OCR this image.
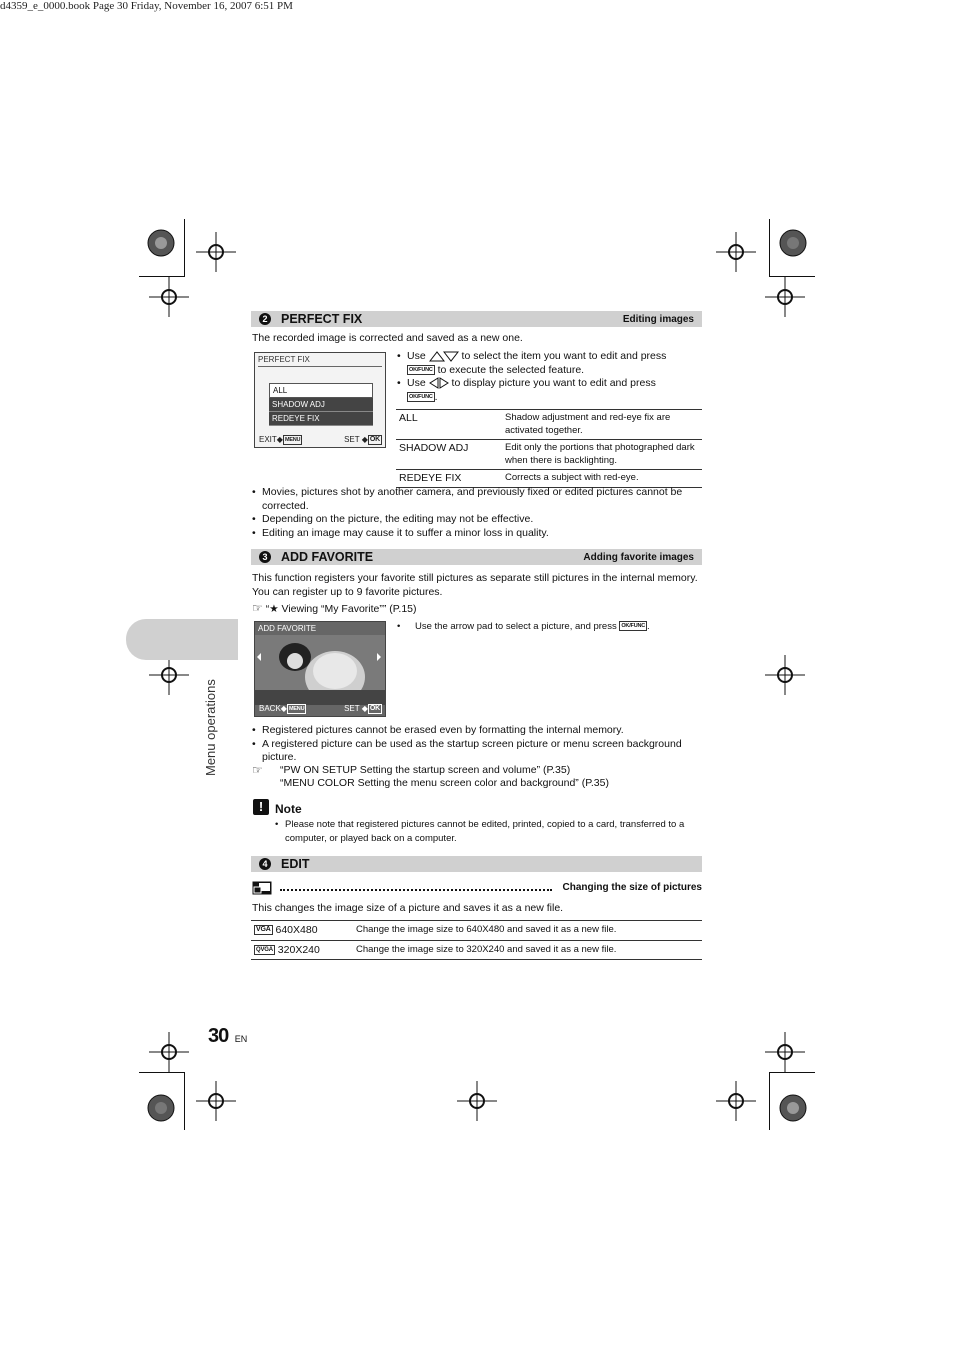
d4359_e_0000.book Page 30 Friday, November 16, 2007 6:51 PM
Menu operations
2 PERFECT FIX	Editing images
The recorded image is corrected and saved as a new one.
PERFECT FIX
ALL
SHADOW ADJ
REDEYE FIX
EXIT◆ MENU	SET ◆ OK
• Use	to select the item you want to edit and press
OK/FUNC to execute the selected feature.
• Use to display picture you want to edit and press
OK/FUNC .
ALL	Shadow adjustment and red-eye fix are activated together.
SHADOW ADJ	Edit only the portions that photographed dark when there is backlighting.
REDEYE FIX	Corrects a subject with red-eye.
• Movies, pictures shot by another camera, and previously fixed or edited pictures cannot be corrected.
• Depending on the picture, the editing may not be effective.
• Editing an image may cause it to suffer a minor loss in quality.
3 ADD FAVORITE	Adding favorite images
This function registers your favorite still pictures as separate still pictures in the internal memory. You can register up to 9 favorite pictures.
☞ “★ Viewing “My Favorite”” (P.15)
ADD FAVORITE
BACK◆ MENU	SET ◆ OK
• Use the arrow pad to select a picture, and press OK/FUNC .
• Registered pictures cannot be erased even by formatting the internal memory.
• A registered picture can be used as the startup screen picture or menu screen background picture.
☞ “PW ON SETUP Setting the startup screen and volume” (P.35)
“MENU COLOR Setting the menu screen color and background” (P.35)
! Note
• Please note that registered pictures cannot be edited, printed, copied to a card, transferred to a computer, or played back on a computer.
4 EDIT
Changing the size of pictures
This changes the image size of a picture and saves it as a new file.
VGA 640X480	Change the image size to 640X480 and saved it as a new file.
QVGA 320X240	Change the image size to 320X240 and saved it as a new file.
30 EN
